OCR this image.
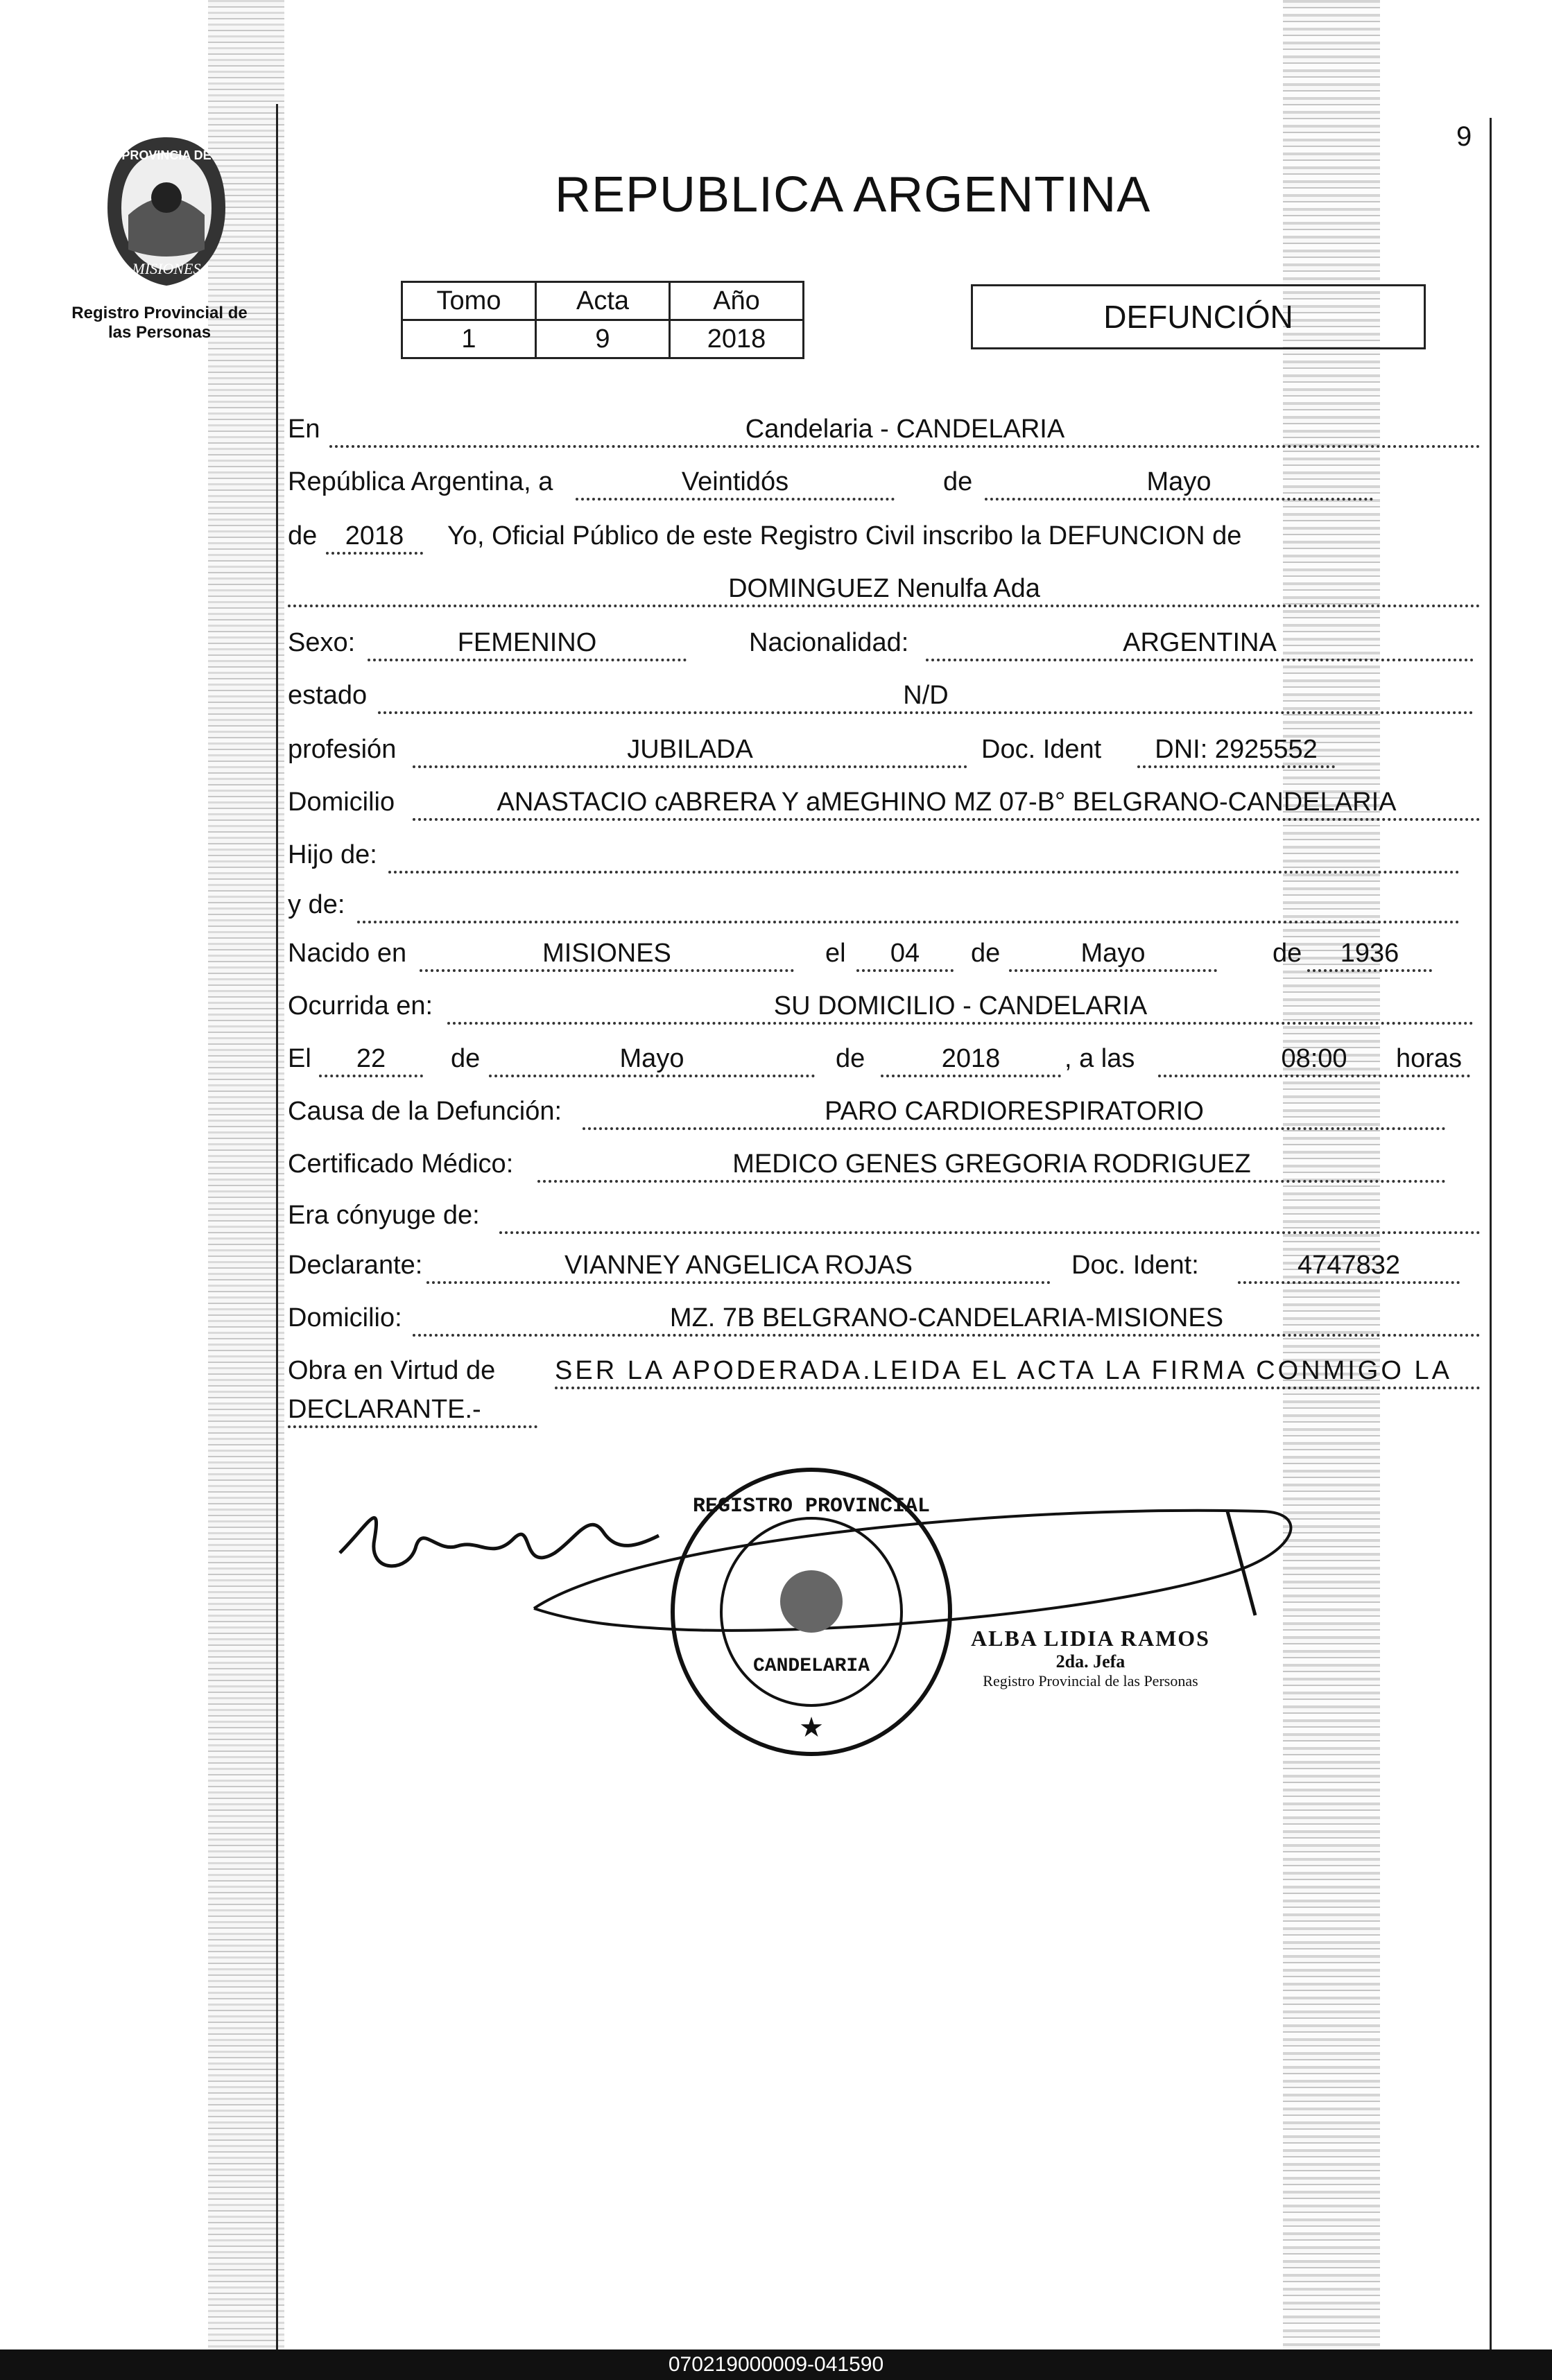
PROVINCIA DE
MISIONES
Registro Provincial de las Personas
9
REPUBLICA ARGENTINA
Tomo	Acta	Año
1	9	2018
DEFUNCIÓN
En	Candelaria - CANDELARIA
República Argentina, a	Veintidós	de	Mayo
de	2018	Yo, Oficial Público de este Registro Civil inscribo la DEFUNCION de
DOMINGUEZ Nenulfa Ada
Sexo:	FEMENINO	Nacionalidad:	ARGENTINA
estado	N/D
profesión	JUBILADA	Doc. Ident	DNI: 2925552
Domicilio	ANASTACIO cABRERA Y aMEGHINO MZ 07-B° BELGRANO-CANDELARIA
Hijo de:
y de:
Nacido en	MISIONES	el	04	de	Mayo	de	1936
Ocurrida en:	SU DOMICILIO - CANDELARIA
El	22	de	Mayo	de	2018	, a las	08:00	horas
Causa de la Defunción:	PARO CARDIORESPIRATORIO
Certificado Médico:	MEDICO GENES GREGORIA RODRIGUEZ
Era cónyuge de:
Declarante:	VIANNEY ANGELICA ROJAS	Doc. Ident:	4747832
Domicilio:	MZ. 7B BELGRANO-CANDELARIA-MISIONES
Obra en Virtud de SER LA APODERADA.LEIDA EL ACTA LA FIRMA CONMIGO LA
DECLARANTE.-
REGISTRO PROVINCIAL
CANDELARIA
★
ALBA LIDIA RAMOS
2da. Jefa
Registro Provincial de las Personas
070219000009-041590
